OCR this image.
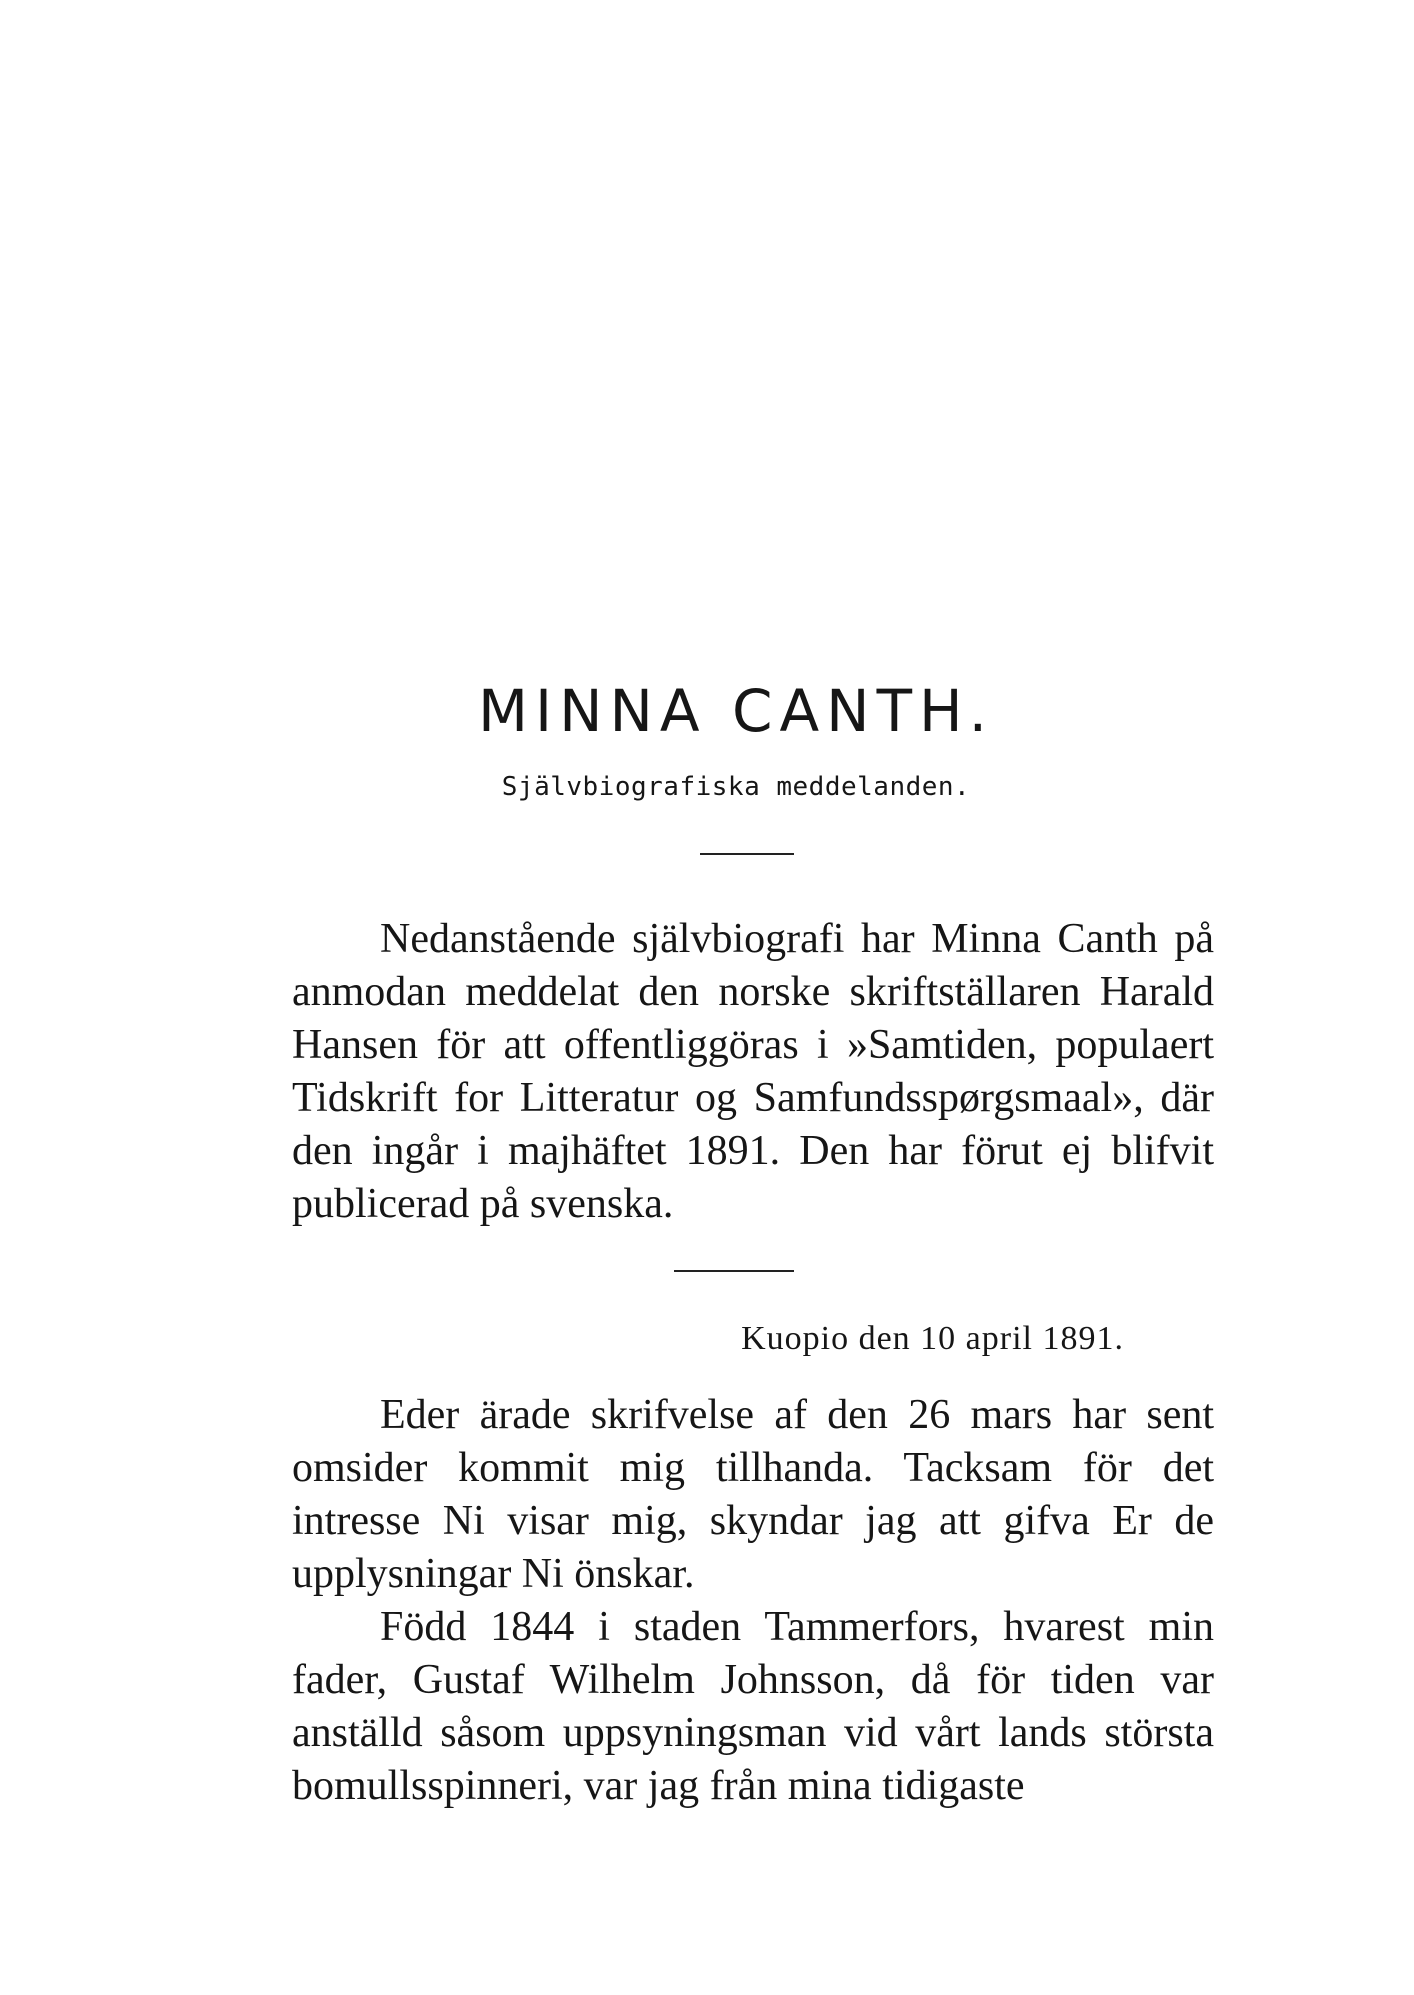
MINNA CANTH.
Självbiografiska meddelanden.

Nedanstående självbiografi har Minna Canth på anmodan meddelat den norske skriftställaren Harald Hansen för att offentliggöras i »Samtiden, populaert Tidskrift for Litteratur og Samfundsspørgsmaal», där den ingår i majhäftet 1891. Den har förut ej blifvit publicerad på svenska.

Kuopio den 10 april 1891.

Eder ärade skrifvelse af den 26 mars har sent omsider kommit mig tillhanda. Tacksam för det intresse Ni visar mig, skyndar jag att gifva Er de upplysningar Ni önskar.

Född 1844 i staden Tammerfors, hvarest min fader, Gustaf Wilhelm Johnsson, då för tiden var anställd såsom uppsyningsman vid vårt lands största bomullsspinneri, var jag från mina tidigaste
